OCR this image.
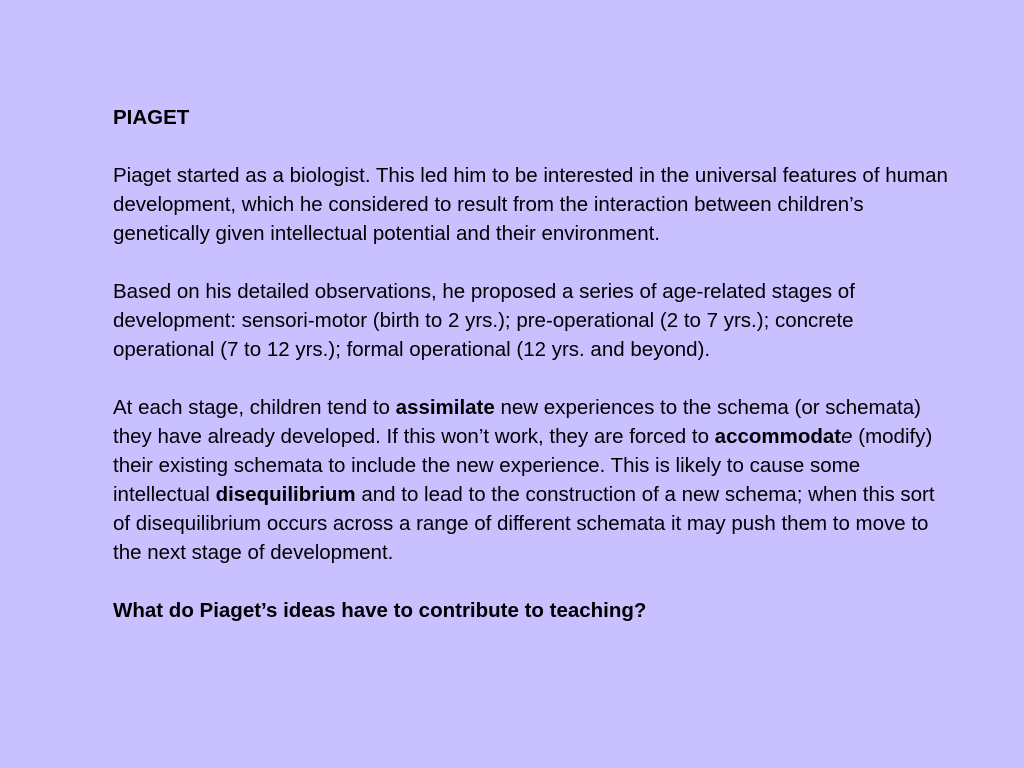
PIAGET
Piaget started as a biologist. This led him to be interested in the universal features of human development, which he considered to result from the interaction between children’s genetically given intellectual potential and their environment.
Based on his detailed observations, he proposed a series of age-related stages of development: sensori-motor (birth to 2 yrs.); pre-operational (2 to 7 yrs.); concrete operational (7 to 12 yrs.); formal operational (12 yrs. and beyond).
At each stage, children tend to assimilate new experiences to the schema (or schemata) they have already developed. If this won’t work, they are forced to accommodate (modify) their existing schemata to include the new experience. This is likely to cause some intellectual disequilibrium and to lead to the construction of a new schema; when this sort of disequilibrium occurs across a range of different schemata it may push them to move to the next stage of development.
What do Piaget’s ideas have to contribute to teaching?
